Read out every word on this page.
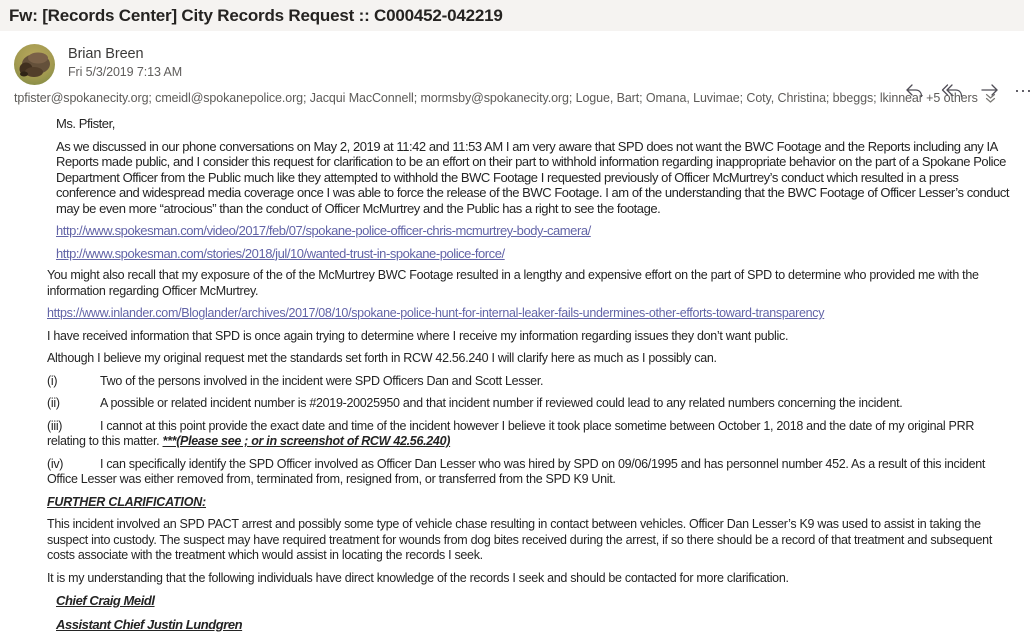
Fw: [Records Center] City Records Request :: C000452-042219
Brian Breen
Fri 5/3/2019 7:13 AM
⋯
tpfister@spokanecity.org; cmeidl@spokanepolice.org; Jacqui MacConnell; mormsby@spokanecity.org; Logue, Bart; Omana, Luvimae; Coty, Christina; bbeggs; lkinnear +5 others

Ms. Pfister,

As we discussed in our phone conversations on May 2, 2019 at 11:42 and 11:53 AM I am very aware that SPD does not want the BWC Footage and the Reports including any IA Reports made public, and I consider this request for clarification to be an effort on their part to withhold information regarding inappropriate behavior on the part of a Spokane Police Department Officer from the Public much like they attempted to withhold the BWC Footage I requested previously of Officer McMurtrey’s conduct which resulted in a press conference and widespread media coverage once I was able to force the release of the BWC Footage. I am of the understanding that the BWC Footage of Officer Lesser’s conduct may be even more “atrocious” than the conduct of Officer McMurtrey and the Public has a right to see the footage.

http://www.spokesman.com/video/2017/feb/07/spokane-police-officer-chris-mcmurtrey-body-camera/

http://www.spokesman.com/stories/2018/jul/10/wanted-trust-in-spokane-police-force/

You might also recall that my exposure of the of the McMurtrey BWC Footage resulted in a lengthy and expensive effort on the part of SPD to determine who provided me with the information regarding Officer McMurtrey.

https://www.inlander.com/Bloglander/archives/2017/08/10/spokane-police-hunt-for-internal-leaker-fails-undermines-other-efforts-toward-transparency

I have received information that SPD is once again trying to determine where I receive my information regarding issues they don’t want public.

Although I believe my original request met the standards set forth in RCW 42.56.240 I will clarify here as much as I possibly can.

(i)	Two of the persons involved in the incident were SPD Officers Dan and Scott Lesser.

(ii)	A possible or related incident number is #2019-20025950 and that incident number if reviewed could lead to any related numbers concerning the incident.

(iii)	I cannot at this point provide the exact date and time of the incident however I believe it took place sometime between October 1, 2018 and the date of my original PRR relating to this matter. ***(Please see ; or in screenshot of RCW 42.56.240)

(iv)	I can specifically identify the SPD Officer involved as Officer Dan Lesser who was hired by SPD on 09/06/1995 and has personnel number 452. As a result of this incident Office Lesser was either removed from, terminated from, resigned from, or transferred from the SPD K9 Unit.

FURTHER CLARIFICATION:

This incident involved an SPD PACT arrest and possibly some type of vehicle chase resulting in contact between vehicles. Officer Dan Lesser’s K9 was used to assist in taking the suspect into custody. The suspect may have required treatment for wounds from dog bites received during the arrest, if so there should be a record of that treatment and subsequent costs associate with the treatment which would assist in locating the records I seek.

It is my understanding that the following individuals have direct knowledge of the records I seek and should be contacted for more clarification.

Chief Craig Meidl

Assistant Chief Justin Lundgren
